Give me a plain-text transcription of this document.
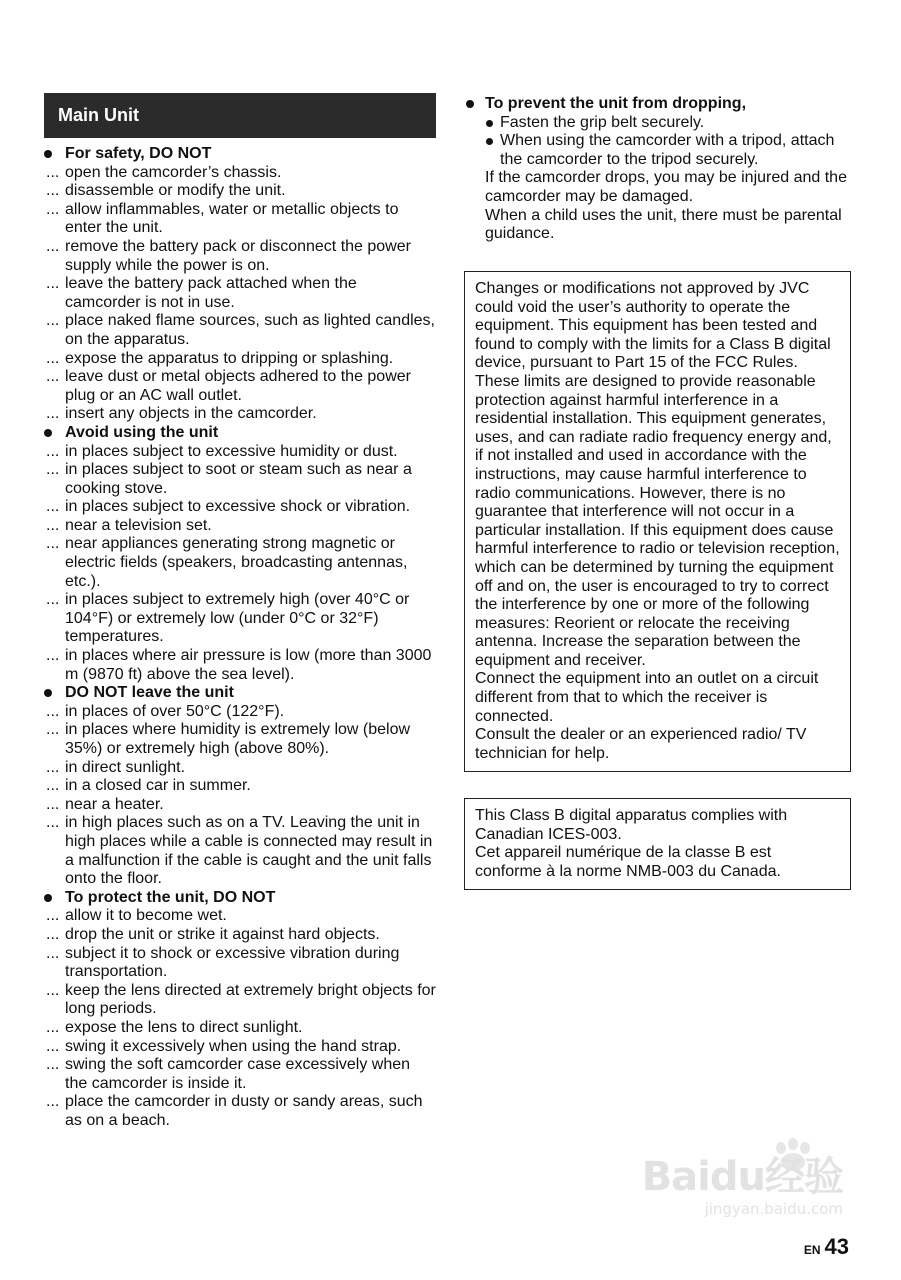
Main Unit
For safety, DO NOT
... open the camcorder’s chassis.
... disassemble or modify the unit.
... allow inflammables, water or metallic objects to enter the unit.
... remove the battery pack or disconnect the power supply while the power is on.
... leave the battery pack attached when the camcorder is not in use.
... place naked flame sources, such as lighted candles, on the apparatus.
... expose the apparatus to dripping or splashing.
... leave dust or metal objects adhered to the power plug or an AC wall outlet.
... insert any objects in the camcorder.
Avoid using the unit
... in places subject to excessive humidity or dust.
... in places subject to soot or steam such as near a cooking stove.
... in places subject to excessive shock or vibration.
... near a television set.
... near appliances generating strong magnetic or electric fields (speakers, broadcasting antennas, etc.).
... in places subject to extremely high (over 40°C or 104°F) or extremely low (under 0°C or 32°F) temperatures.
... in places where air pressure is low (more than 3000 m (9870 ft) above the sea level).
DO NOT leave the unit
... in places of over 50°C (122°F).
... in places where humidity is extremely low (below 35%) or extremely high (above 80%).
... in direct sunlight.
... in a closed car in summer.
... near a heater.
... in high places such as on a TV. Leaving the unit in high places while a cable is connected may result in a malfunction if the cable is caught and the unit falls onto the floor.
To protect the unit, DO NOT
... allow it to become wet.
... drop the unit or strike it against hard objects.
... subject it to shock or excessive vibration during transportation.
... keep the lens directed at extremely bright objects for long periods.
... expose the lens to direct sunlight.
... swing it excessively when using the hand strap.
... swing the soft camcorder case excessively when the camcorder is inside it.
... place the camcorder in dusty or sandy areas, such as on a beach.
To prevent the unit from dropping,
Fasten the grip belt securely.
When using the camcorder with a tripod, attach the camcorder to the tripod securely.
If the camcorder drops, you may be injured and the camcorder may be damaged.
When a child uses the unit, there must be parental guidance.

Changes or modifications not approved by JVC could void the user’s authority to operate the equipment. This equipment has been tested and found to comply with the limits for a Class B digital device, pursuant to Part 15 of the FCC Rules. These limits are designed to provide reasonable protection against harmful interference in a residential installation. This equipment generates, uses, and can radiate radio frequency energy and, if not installed and used in accordance with the instructions, may cause harmful interference to radio communications. However, there is no guarantee that interference will not occur in a particular installation. If this equipment does cause harmful interference to radio or television reception, which can be determined by turning the equipment off and on, the user is encouraged to try to correct the interference by one or more of the following measures: Reorient or relocate the receiving antenna. Increase the separation between the equipment and receiver.

Connect the equipment into an outlet on a circuit different from that to which the receiver is connected.

Consult the dealer or an experienced radio/ TV technician for help.

This Class B digital apparatus complies with Canadian ICES-003.

Cet appareil numérique de la classe B est conforme à la norme NMB-003 du Canada.

Baidu经验
jingyan.baidu.com
EN 43
